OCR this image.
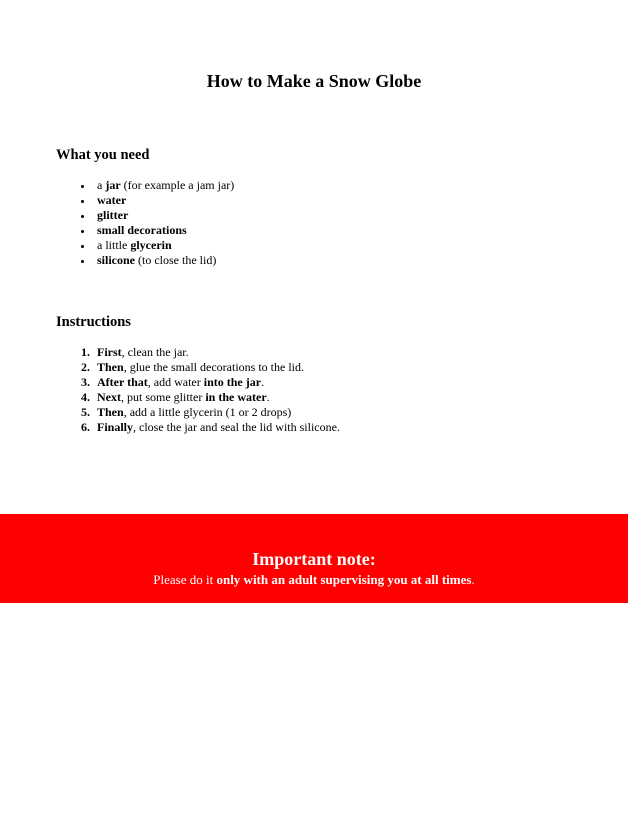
How to Make a Snow Globe
What you need
• a jar (for example a jam jar)
• water
• glitter
• small decorations
• a little glycerin
• silicone (to close the lid)
Instructions
1. First, clean the jar.
2. Then, glue the small decorations to the lid.
3. After that, add water into the jar.
4. Next, put some glitter in the water.
5. Then, add a little glycerin (1 or 2 drops)
6. Finally, close the jar and seal the lid with silicone.
Important note:
Please do it only with an adult supervising you at all times.
